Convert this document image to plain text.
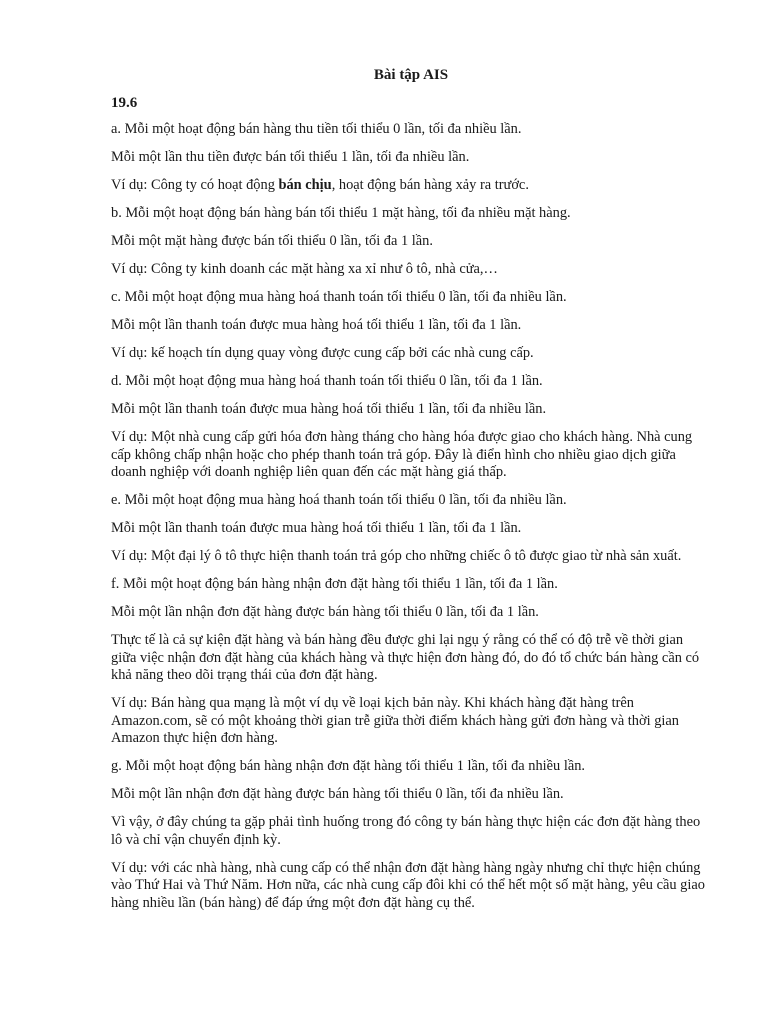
Bài tập AIS
19.6

a. Mỗi một hoạt động bán hàng thu tiền tối thiểu 0 lần, tối đa nhiều lần.

Mỗi một lần thu tiền được bán tối thiểu 1 lần, tối đa nhiều lần.

Ví dụ: Công ty có hoạt động bán chịu, hoạt động bán hàng xảy ra trước.

b. Mỗi một hoạt động bán hàng bán tối thiểu 1 mặt hàng, tối đa nhiều mặt hàng.

Mỗi một mặt hàng được bán tối thiểu 0 lần, tối đa 1 lần.

Ví dụ: Công ty kinh doanh các mặt hàng xa xỉ như ô tô, nhà cửa,…

c. Mỗi một hoạt động mua hàng hoá thanh toán tối thiểu 0 lần, tối đa nhiều lần.

Mỗi một lần thanh toán được mua hàng hoá tối thiểu 1 lần, tối đa 1 lần.

Ví dụ: kế hoạch tín dụng quay vòng được cung cấp bởi các nhà cung cấp.

d. Mỗi một hoạt động mua hàng hoá thanh toán tối thiểu 0 lần, tối đa 1 lần.

Mỗi một lần thanh toán được mua hàng hoá tối thiểu 1 lần, tối đa nhiều lần.

Ví dụ: Một nhà cung cấp gửi hóa đơn hàng tháng cho hàng hóa được giao cho khách hàng. Nhà cung cấp không chấp nhận hoặc cho phép thanh toán trả góp. Đây là điển hình cho nhiều giao dịch giữa doanh nghiệp với doanh nghiệp liên quan đến các mặt hàng giá thấp.

e. Mỗi một hoạt động mua hàng hoá thanh toán tối thiểu 0 lần, tối đa nhiều lần.

Mỗi một lần thanh toán được mua hàng hoá tối thiểu 1 lần, tối đa 1 lần.

Ví dụ: Một đại lý ô tô thực hiện thanh toán trả góp cho những chiếc ô tô được giao từ nhà sản xuất.

f. Mỗi một hoạt động bán hàng nhận đơn đặt hàng tối thiểu 1 lần, tối đa 1 lần.

Mỗi một lần nhận đơn đặt hàng được bán hàng tối thiểu 0 lần, tối đa 1 lần.

Thực tế là cả sự kiện đặt hàng và bán hàng đều được ghi lại ngụ ý rằng có thể có độ trễ về thời gian giữa việc nhận đơn đặt hàng của khách hàng và thực hiện đơn hàng đó, do đó tổ chức bán hàng cần có khả năng theo dõi trạng thái của đơn đặt hàng.

Ví dụ: Bán hàng qua mạng là một ví dụ về loại kịch bản này. Khi khách hàng đặt hàng trên Amazon.com, sẽ có một khoảng thời gian trễ giữa thời điểm khách hàng gửi đơn hàng và thời gian Amazon thực hiện đơn hàng.

g. Mỗi một hoạt động bán hàng nhận đơn đặt hàng tối thiểu 1 lần, tối đa nhiều lần.

Mỗi một lần nhận đơn đặt hàng được bán hàng tối thiểu 0 lần, tối đa nhiều lần.

Vì vậy, ở đây chúng ta gặp phải tình huống trong đó công ty bán hàng thực hiện các đơn đặt hàng theo lô và chỉ vận chuyển định kỳ.

Ví dụ: với các nhà hàng, nhà cung cấp có thể nhận đơn đặt hàng hàng ngày nhưng chỉ thực hiện chúng vào Thứ Hai và Thứ Năm. Hơn nữa, các nhà cung cấp đôi khi có thể hết một số mặt hàng, yêu cầu giao hàng nhiều lần (bán hàng) để đáp ứng một đơn đặt hàng cụ thể.
